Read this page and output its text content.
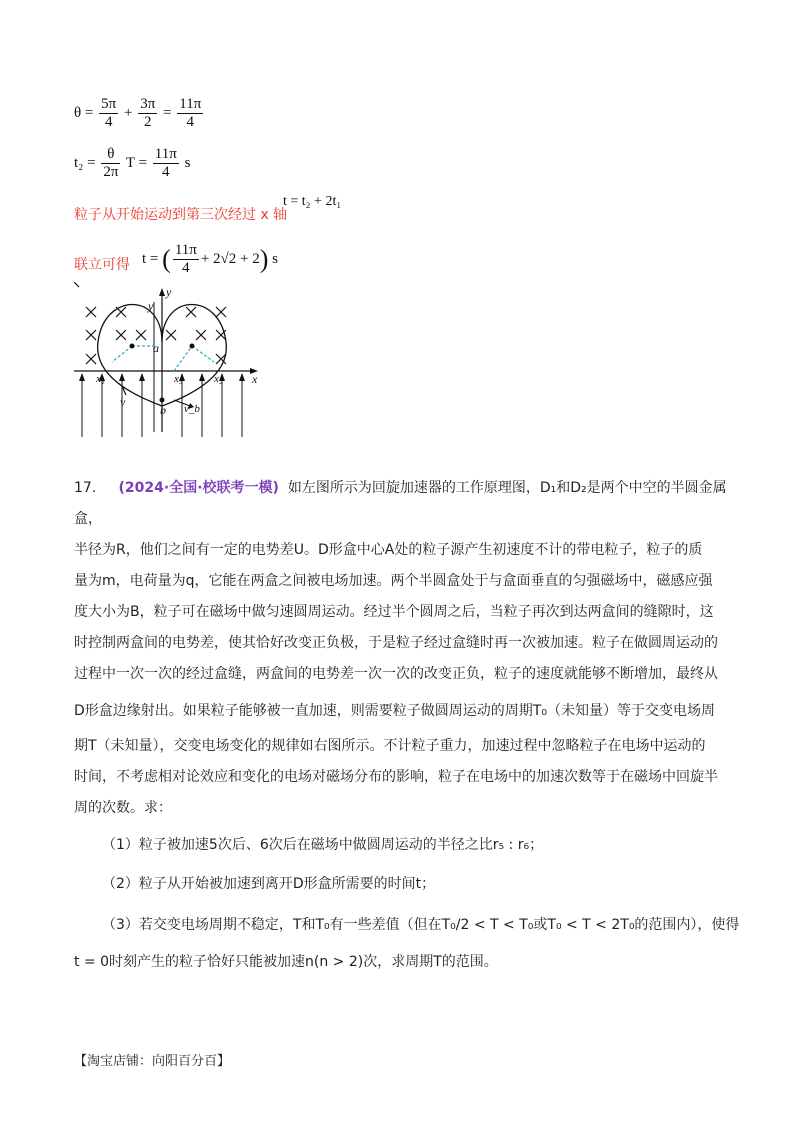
$\theta = \frac{5\pi}{4} + \frac{3\pi}{2} = \frac{11\pi}{4}$
$t_2 = \frac{\theta}{2\pi}$ $T = \frac{11\pi}{4}$ s
粒子从开始运动到第三次经过 x 轴
t = t₂ + 2t₁
联立可得 t = ( $\frac{11\pi}{4} + 2√2 + 2$) s
y
y
a
x
x₁	x₃	x₂
v
b v_b
17. (2024·全国·校联考一模) 如左图所示为回旋加速器的工作原理图，D₁和D₂是两个中空的半圆金属盒，
半径为R，他们之间有一定的电势差U。D形盒中心A处的粒子源产生初速度不计的带电粒子，粒子的质
量为m，电荷量为q，它能在两盒之间被电场加速。两个半圆盒处于与盒面垂直的匀强磁场中，磁感应强
度大小为B，粒子可在磁场中做匀速圆周运动。经过半个圆周之后，当粒子再次到达两盒间的缝隙时，这
时控制两盒间的电势差，使其恰好改变正负极，于是粒子经过盒缝时再一次被加速。粒子在做圆周运动的
过程中一次一次的经过盒缝，两盒间的电势差一次一次的改变正负，粒子的速度就能够不断增加，最终从
D形盒边缘射出。如果粒子能够被一直加速，则需要粒子做圆周运动的周期T₀（未知量）等于交变电场周
期T（未知量），交变电场变化的规律如右图所示。不计粒子重力，加速过程中忽略粒子在电场中运动的
时间，不考虑相对论效应和变化的电场对磁场分布的影响，粒子在电场中的加速次数等于在磁场中回旋半
周的次数。求：
（1）粒子被加速5次后、6次后在磁场中做圆周运动的半径之比r₅ : r₆；
（2）粒子从开始被加速到离开D形盒所需要的时间t；
（3）若交变电场周期不稳定，T和T₀有一些差值（但在T₀/2 < T < T₀或T₀ < T < 2T₀的范围内），使得
t = 0时刻产生的粒子恰好只能被加速n(n > 2)次，求周期T的范围。
【淘宝店铺：向阳百分百】
